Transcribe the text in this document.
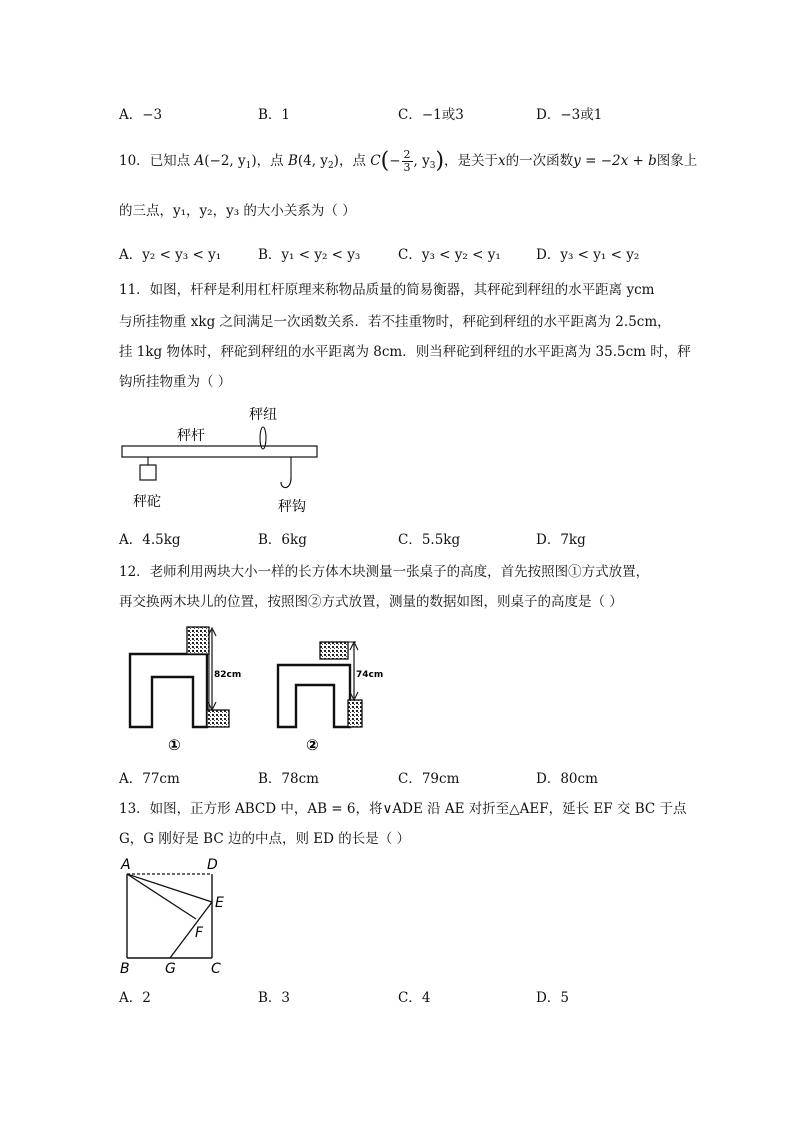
A．−3	B．1	C．−1或3	D．−3或1
10．已知点 A(−2, $y_1$)，点 B(4, $y_2$)，点 $C(- \frac{2}{3}$ , $y_3$)，是关于x的一次函数y = −2x + b图象上
的三点，y₁，y₂，y₃ 的大小关系为（ ）
A．y₂ < y₃ < y₁	B．y₁ < y₂ < y₃	C．y₃ < y₂ < y₁	D．y₃ < y₁ < y₂
11．如图，杆秤是利用杠杆原理来称物品质量的简易衡器，其秤砣到秤纽的水平距离 ycm
与所挂物重 xkg 之间满足一次函数关系．若不挂重物时，秤砣到秤纽的水平距离为 2.5cm，
挂 1kg 物体时，秤砣到秤纽的水平距离为 8cm．则当秤砣到秤纽的水平距离为 35.5cm 时，秤
钩所挂物重为（ ）
秤杆
秤纽
秤砣	秤钩
A．4.5kg	B．6kg	C．5.5kg	D．7kg
12．老师利用两块大小一样的长方体木块测量一张桌子的高度，首先按照图①方式放置，
再交换两木块儿的位置，按照图②方式放置，测量的数据如图，则桌子的高度是（ ）
82cm
①
74cm
②
A．77cm	B．78cm	C．79cm	D．80cm
13．如图，正方形 ABCD 中，AB = 6，将∨ADE 沿 AE 对折至△AEF，延长 EF 交 BC 于点
G，G 刚好是 BC 边的中点，则 ED 的长是（ ）
A	D
E
F
B	G	C
A．2	B．3	C．4	D．5
